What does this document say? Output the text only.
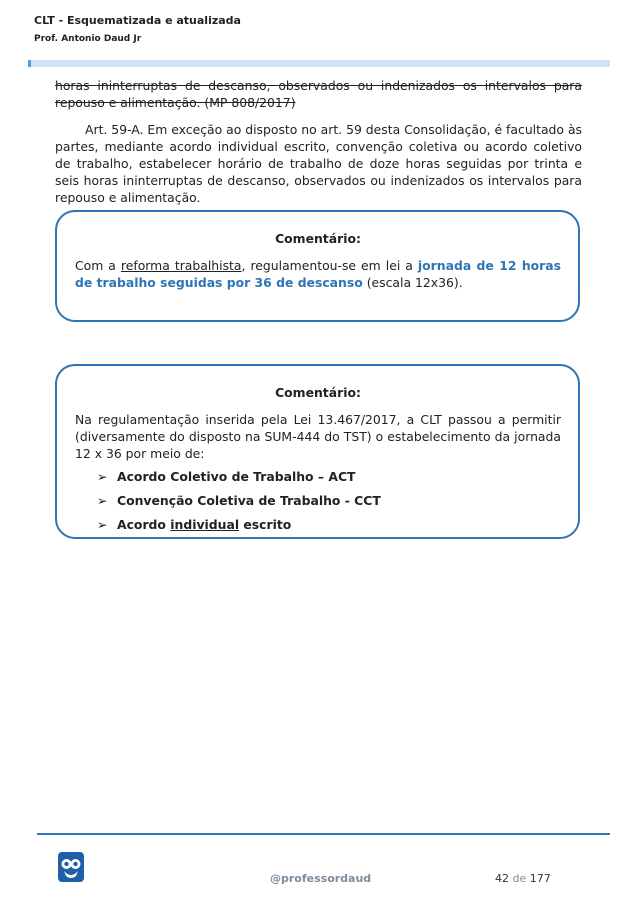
CLT - Esquematizada e atualizada
Prof. Antonio Daud Jr
horas ininterruptas de descanso, observados ou indenizados os intervalos para repouso e alimentação. (MP 808/2017)
Art. 59-A. Em exceção ao disposto no art. 59 desta Consolidação, é facultado às partes, mediante acordo individual escrito, convenção coletiva ou acordo coletivo de trabalho, estabelecer horário de trabalho de doze horas seguidas por trinta e seis horas ininterruptas de descanso, observados ou indenizados os intervalos para repouso e alimentação.
Comentário:

Com a reforma trabalhista, regulamentou-se em lei a jornada de 12 horas de trabalho seguidas por 36 de descanso (escala 12x36).

Comentário:

Na regulamentação inserida pela Lei 13.467/2017, a CLT passou a permitir (diversamente do disposto na SUM-444 do TST) o estabelecimento da jornada 12 x 36 por meio de:

➢ Acordo Coletivo de Trabalho – ACT
➢ Convenção Coletiva de Trabalho - CCT
➢ Acordo individual escrito
@professordaud	42 de 177
